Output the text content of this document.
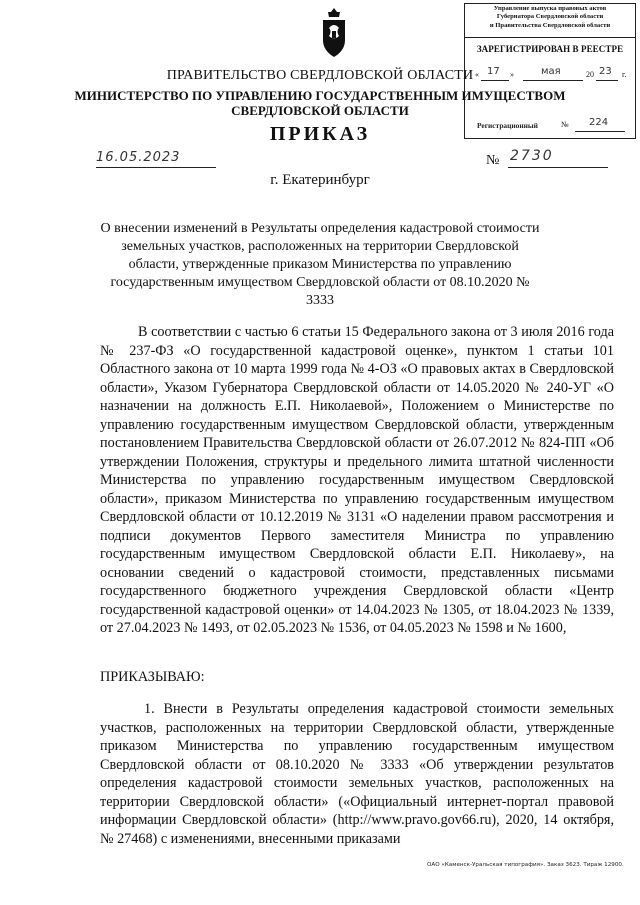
Управление выпуска правовых актов
Губернатора Свердловской области
и Правительства Свердловской области
ЗАРЕГИСТРИРОВАН В РЕЕСТРЕ
« 17 »	мая	20 23 г.
Регистрационный	№ 224
ПРАВИТЕЛЬСТВО СВЕРДЛОВСКОЙ ОБЛАСТИ
МИНИСТЕРСТВО ПО УПРАВЛЕНИЮ ГОСУДАРСТВЕННЫМ ИМУЩЕСТВОМ
СВЕРДЛОВСКОЙ ОБЛАСТИ
ПРИКАЗ
16.05.2023	№ 2730
г. Екатеринбург
О внесении изменений в Результаты определения кадастровой стоимости земельных участков, расположенных на территории Свердловской области, утвержденные приказом Министерства по управлению государственным имуществом Свердловской области от 08.10.2020 № 3333

В соответствии с частью 6 статьи 15 Федерального закона от 3 июля 2016 года № 237-ФЗ «О государственной кадастровой оценке», пунктом 1 статьи 101 Областного закона от 10 марта 1999 года № 4-ОЗ «О правовых актах в Свердловской области», Указом Губернатора Свердловской области от 14.05.2020 № 240-УГ «О назначении на должность Е.П. Николаевой», Положением о Министерстве по управлению государственным имуществом Свердловской области, утвержденным постановлением Правительства Свердловской области от 26.07.2012 № 824-ПП «Об утверждении Положения, структуры и предельного лимита штатной численности Министерства по управлению государственным имуществом Свердловской области», приказом Министерства по управлению государственным имуществом Свердловской области от 10.12.2019 № 3131 «О наделении правом рассмотрения и подписи документов Первого заместителя Министра по управлению государственным имуществом Свердловской области Е.П. Николаеву», на основании сведений о кадастровой стоимости, представленных письмами государственного бюджетного учреждения Свердловской области «Центр государственной кадастровой оценки» от 14.04.2023 № 1305, от 18.04.2023 № 1339, от 27.04.2023 № 1493, от 02.05.2023 № 1536, от 04.05.2023 № 1598 и № 1600,

ПРИКАЗЫВАЮ:

1. Внести в Результаты определения кадастровой стоимости земельных участков, расположенных на территории Свердловской области, утвержденные приказом Министерства по управлению государственным имуществом Свердловской области от 08.10.2020 № 3333 «Об утверждении результатов определения кадастровой стоимости земельных участков, расположенных на территории Свердловской области» («Официальный интернет-портал правовой информации Свердловской области» (http://www.pravo.gov66.ru), 2020, 14 октября, № 27468) с изменениями, внесенными приказами

ОАО «Каменск-Уральская типография». Заказ 3623. Тираж 12900.
